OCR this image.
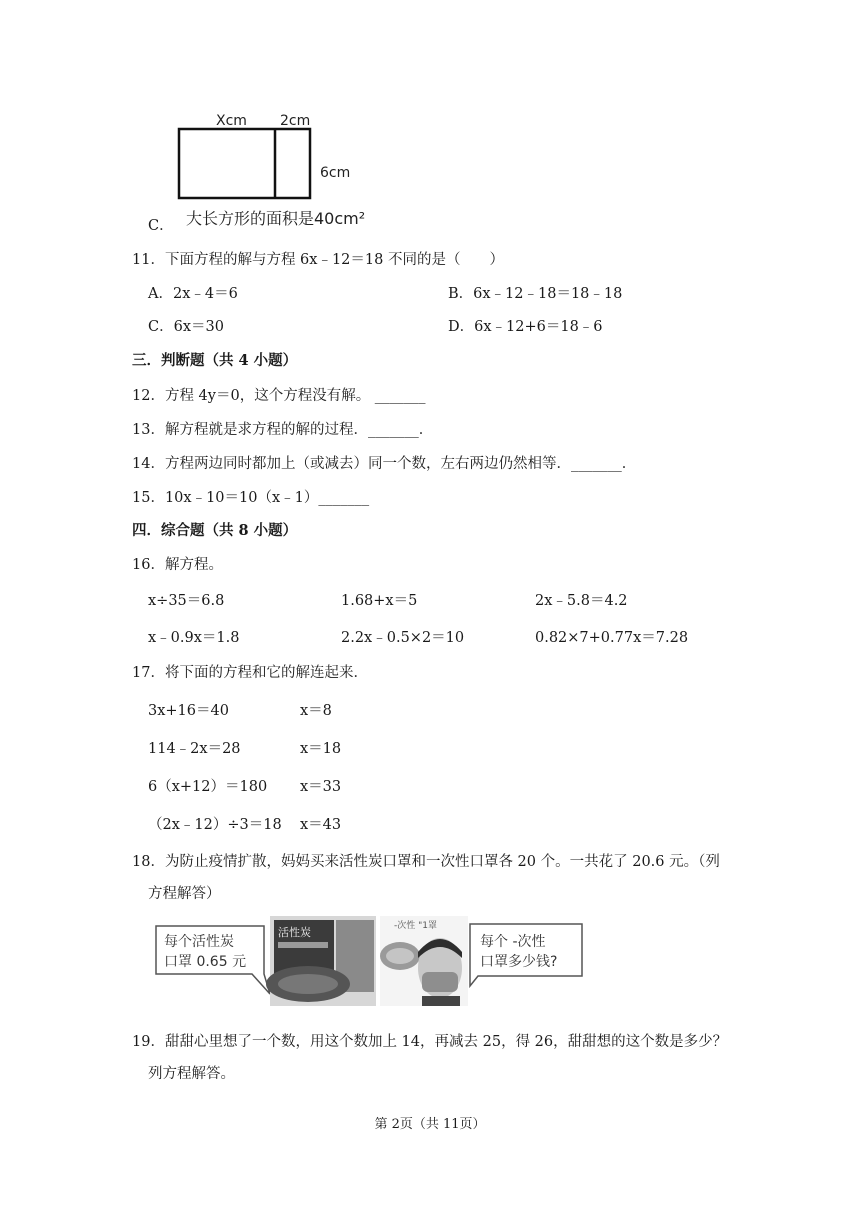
Xcm 2cm
6cm
大长方形的面积是40cm²
C．
11．下面方程的解与方程 6x﹣12＝18 不同的是（　　）
A．2x﹣4＝6	B．6x﹣12﹣18＝18﹣18
C．6x＝30	D．6x﹣12+6＝18﹣6
三．判断题（共 4 小题）
12．方程 4y＝0，这个方程没有解。 _______
13．解方程就是求方程的解的过程．_______．
14．方程两边同时都加上（或减去）同一个数，左右两边仍然相等．_______．
15．10x﹣10＝10（x﹣1）_______
四．综合题（共 8 小题）
16．解方程。
x÷35＝6.8	1.68+x＝5	2x﹣5.8＝4.2
x﹣0.9x＝1.8	2.2x﹣0.5×2＝10	0.82×7+0.77x＝7.28
17．将下面的方程和它的解连起来．
3x+16＝40	x＝8
114﹣2x＝28	x＝18
6（x+12）＝180 x＝33
（2x﹣12）÷3＝18 x＝43
18．为防止疫情扩散，妈妈买来活性炭口罩和一次性口罩各 20 个。一共花了 20.6 元。（列
方程解答）
每个活性炭
口罩 0.65 元
活性炭	-次性 "1罩
每个 -次性
口罩多少钱?
19．甜甜心里想了一个数，用这个数加上 14，再减去 25，得 26，甜甜想的这个数是多少？
列方程解答。
第 2页（共 11页）
